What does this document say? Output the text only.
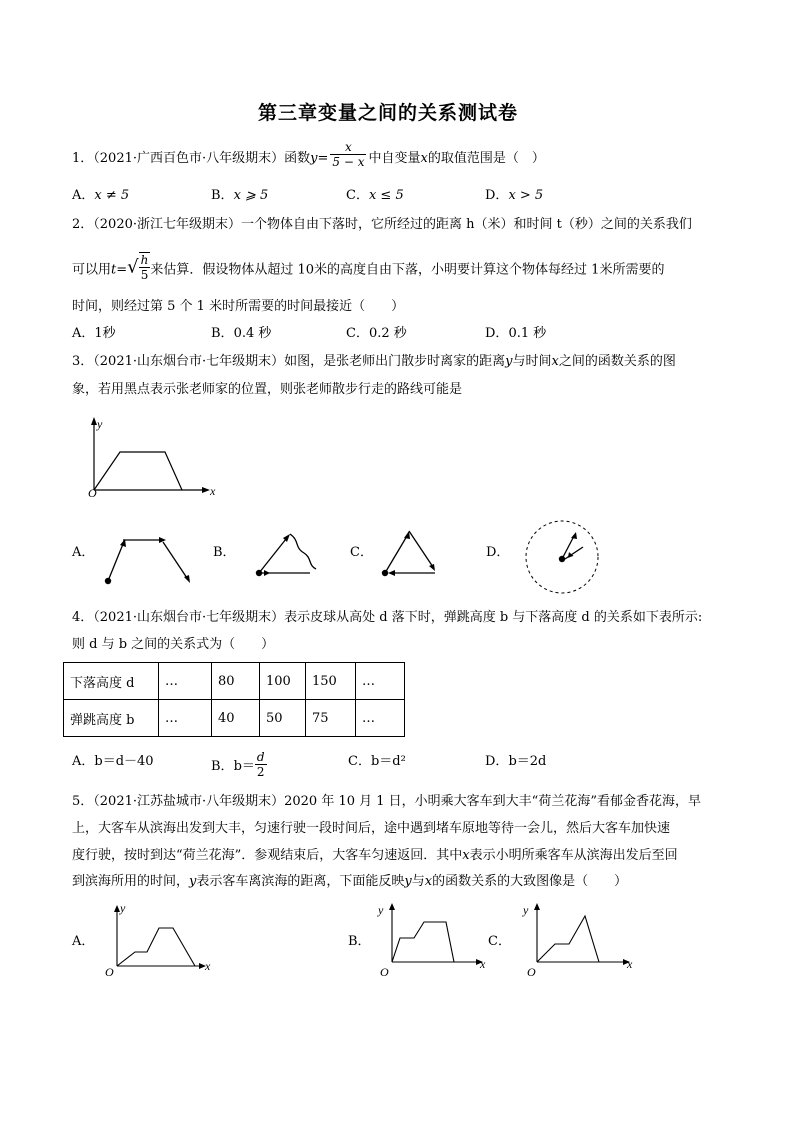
第三章变量之间的关系测试卷
1．（2021·广西百色市·八年级期末）函数$y= \frac{x}{5 - x}$ 中自变量x的取值范围是（　）
A．x ≠ 5	B．x ⩾ 5	C．x ≤ 5	D．x > 5
2．（2020·浙江七年级期末）一个物体自由下落时，它所经过的距离 h（米）和时间 t（秒）之间的关系我们
可以用$t=√ \frac{h}{5}$ 来估算．假设物体从超过 10米的高度自由下落，小明要计算这个物体每经过 1米所需要的
时间，则经过第 5 个 1 米时所需要的时间最接近（　　）
A．1秒	B．0.4 秒	C．0.2 秒	D．0.1 秒
3．（2021·山东烟台市·七年级期末）如图，是张老师出门散步时离家的距离y与时间x之间的函数关系的图
象，若用黑点表示张老师家的位置，则张老师散步行走的路线可能是
y
x
O
A．	B．	C．	D．
4．（2021·山东烟台市·七年级期末）表示皮球从高处 d 落下时，弹跳高度 b 与下落高度 d 的关系如下表所示:
则 d 与 b 之间的关系式为（　　）
下落高度 d	…	80	100	150	…
弹跳高度 b	…	40	50	75	…
A．b＝d－40	B．$b= \frac{d}{2}$	C．b＝d²	D．b＝2d
5．（2021·江苏盐城市·八年级期末）2020 年 10 月 1 日，小明乘大客车到大丰“荷兰花海”看郁金香花海，早
上，大客车从滨海出发到大丰，匀速行驶一段时间后，途中遇到堵车原地等待一会儿，然后大客车加快速
度行驶，按时到达“荷兰花海”．参观结束后，大客车匀速返回．其中x表示小明所乘客车从滨海出发后至回
到滨海所用的时间，y表示客车离滨海的距离，下面能反映y与x的函数关系的大致图像是（　　）
A．
y
x
O
B．
y
x
O
C．
y
x
O
